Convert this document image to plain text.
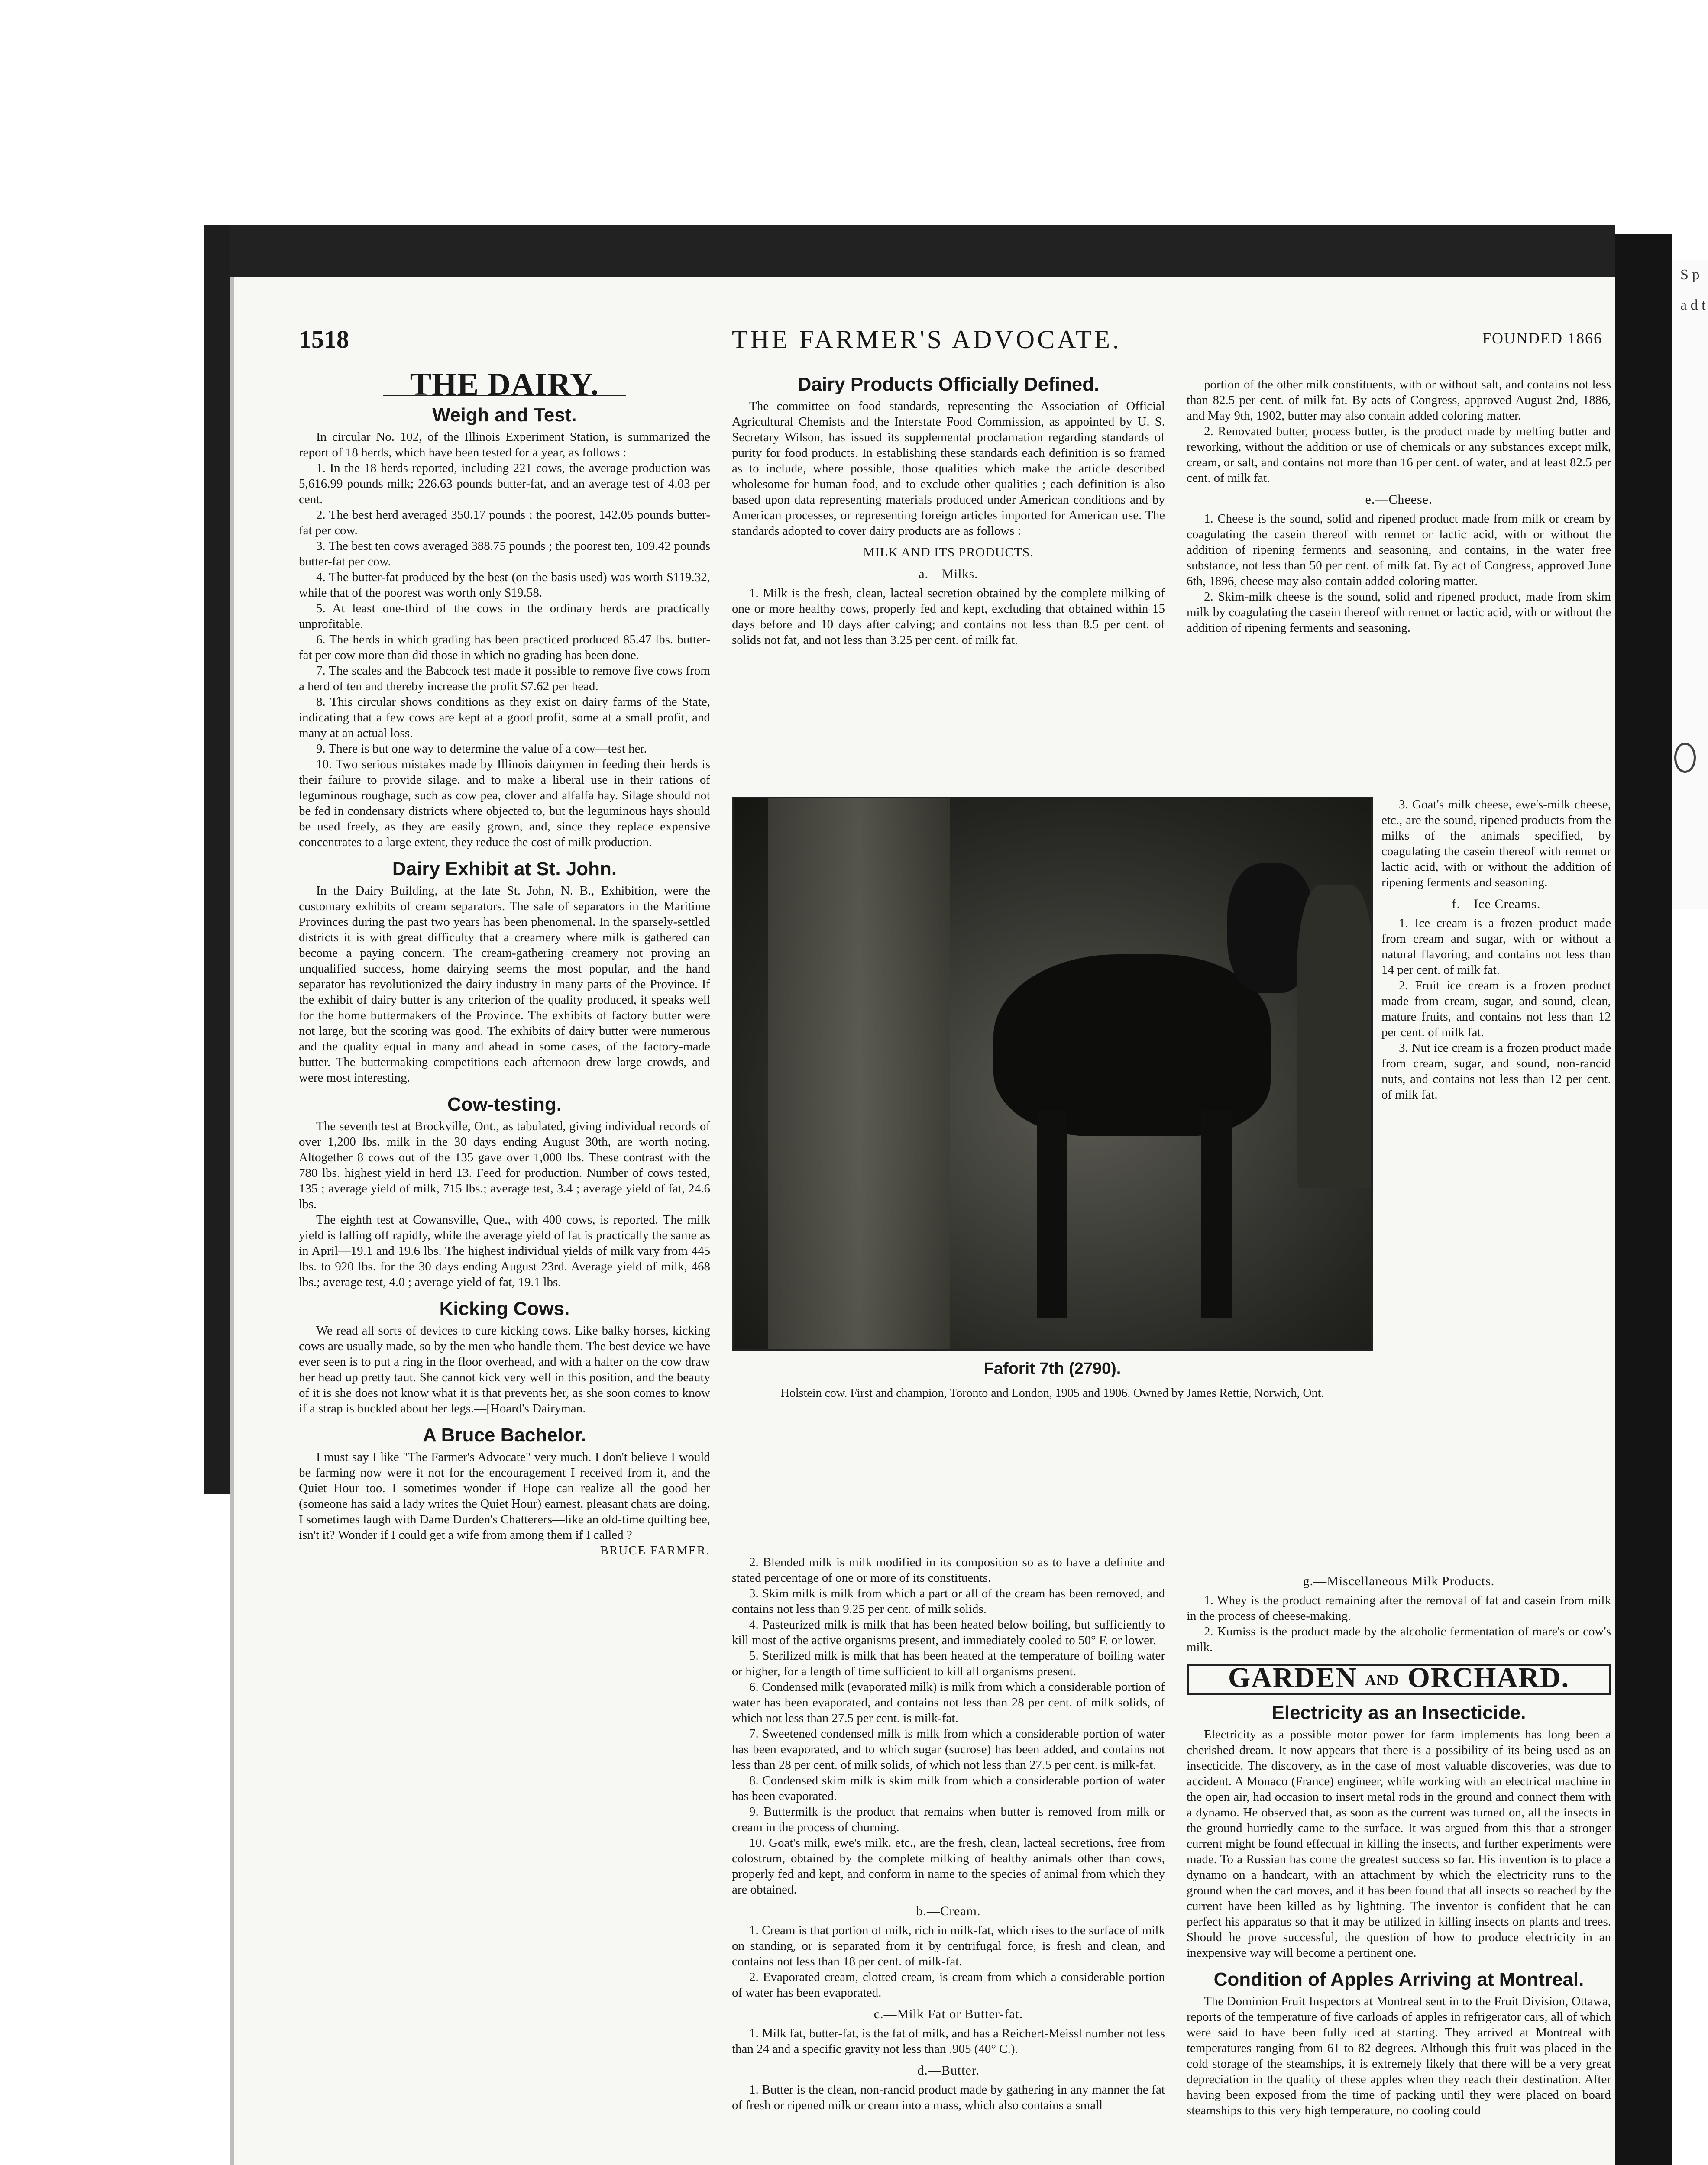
S p a d t
THE FARMER'S ADVOCATE.
1518	FOUNDED 1866
THE DAIRY.
Weigh and Test.

In circular No. 102, of the Illinois Experiment Station, is summarized the report of 18 herds, which have been tested for a year, as follows :

1. In the 18 herds reported, including 221 cows, the average production was 5,616.99 pounds milk; 226.63 pounds butter-fat, and an average test of 4.03 per cent.

2. The best herd averaged 350.17 pounds ; the poorest, 142.05 pounds butter-fat per cow.

3. The best ten cows averaged 388.75 pounds ; the poorest ten, 109.42 pounds butter-fat per cow.

4. The butter-fat produced by the best (on the basis used) was worth $119.32, while that of the poorest was worth only $19.58.

5. At least one-third of the cows in the ordinary herds are practically unprofitable.

6. The herds in which grading has been practiced produced 85.47 lbs. butter-fat per cow more than did those in which no grading has been done.

7. The scales and the Babcock test made it possible to remove five cows from a herd of ten and thereby increase the profit $7.62 per head.

8. This circular shows conditions as they exist on dairy farms of the State, indicating that a few cows are kept at a good profit, some at a small profit, and many at an actual loss.

9. There is but one way to determine the value of a cow—test her.

10. Two serious mistakes made by Illinois dairymen in feeding their herds is their failure to provide silage, and to make a liberal use in their rations of leguminous roughage, such as cow pea, clover and alfalfa hay. Silage should not be fed in condensary districts where objected to, but the leguminous hays should be used freely, as they are easily grown, and, since they replace expensive concentrates to a large extent, they reduce the cost of milk production.

Dairy Exhibit at St. John.

In the Dairy Building, at the late St. John, N. B., Exhibition, were the customary exhibits of cream separators. The sale of separators in the Maritime Provinces during the past two years has been phenomenal. In the sparsely-settled districts it is with great difficulty that a creamery where milk is gathered can become a paying concern. The cream-gathering creamery not proving an unqualified success, home dairying seems the most popular, and the hand separator has revolutionized the dairy industry in many parts of the Province. If the exhibit of dairy butter is any criterion of the quality produced, it speaks well for the home buttermakers of the Province. The exhibits of factory butter were not large, but the scoring was good. The exhibits of dairy butter were numerous and the quality equal in many and ahead in some cases, of the factory-made butter. The buttermaking competitions each afternoon drew large crowds, and were most interesting.

Cow-testing.

The seventh test at Brockville, Ont., as tabulated, giving individual records of over 1,200 lbs. milk in the 30 days ending August 30th, are worth noting. Altogether 8 cows out of the 135 gave over 1,000 lbs. These contrast with the 780 lbs. highest yield in herd 13. Feed for production. Number of cows tested, 135 ; average yield of milk, 715 lbs.; average test, 3.4 ; average yield of fat, 24.6 lbs.

The eighth test at Cowansville, Que., with 400 cows, is reported. The milk yield is falling off rapidly, while the average yield of fat is practically the same as in April—19.1 and 19.6 lbs. The highest individual yields of milk vary from 445 lbs. to 920 lbs. for the 30 days ending August 23rd. Average yield of milk, 468 lbs.; average test, 4.0 ; average yield of fat, 19.1 lbs.

Kicking Cows.

We read all sorts of devices to cure kicking cows. Like balky horses, kicking cows are usually made, so by the men who handle them. The best device we have ever seen is to put a ring in the floor overhead, and with a halter on the cow draw her head up pretty taut. She cannot kick very well in this position, and the beauty of it is she does not know what it is that prevents her, as she soon comes to know if a strap is buckled about her legs.—[Hoard's Dairyman.

A Bruce Bachelor.

I must say I like "The Farmer's Advocate" very much. I don't believe I would be farming now were it not for the encouragement I received from it, and the Quiet Hour too. I sometimes wonder if Hope can realize all the good her (someone has said a lady writes the Quiet Hour) earnest, pleasant chats are doing. I sometimes laugh with Dame Durden's Chatterers—like an old-time quilting bee, isn't it? Wonder if I could get a wife from among them if I called ?

BRUCE FARMER.
Dairy Products Officially Defined.

The committee on food standards, representing the Association of Official Agricultural Chemists and the Interstate Food Commission, as appointed by U. S. Secretary Wilson, has issued its supplemental proclamation regarding standards of purity for food products. In establishing these standards each definition is so framed as to include, where possible, those qualities which make the article described wholesome for human food, and to exclude other qualities ; each definition is also based upon data representing materials produced under American conditions and by American processes, or representing foreign articles imported for American use. The standards adopted to cover dairy products are as follows :

MILK AND ITS PRODUCTS.
a.—Milks.

1. Milk is the fresh, clean, lacteal secretion obtained by the complete milking of one or more healthy cows, properly fed and kept, excluding that obtained within 15 days before and 10 days after calving; and contains not less than 8.5 per cent. of solids not fat, and not less than 3.25 per cent. of milk fat.

Faforit 7th (2790).
Holstein cow. First and champion, Toronto and London, 1905 and 1906. Owned by James Rettie, Norwich, Ont.

2. Blended milk is milk modified in its composition so as to have a definite and stated percentage of one or more of its constituents.

3. Skim milk is milk from which a part or all of the cream has been removed, and contains not less than 9.25 per cent. of milk solids.

4. Pasteurized milk is milk that has been heated below boiling, but sufficiently to kill most of the active organisms present, and immediately cooled to 50° F. or lower.

5. Sterilized milk is milk that has been heated at the temperature of boiling water or higher, for a length of time sufficient to kill all organisms present.

6. Condensed milk (evaporated milk) is milk from which a considerable portion of water has been evaporated, and contains not less than 28 per cent. of milk solids, of which not less than 27.5 per cent. is milk-fat.

7. Sweetened condensed milk is milk from which a considerable portion of water has been evaporated, and to which sugar (sucrose) has been added, and contains not less than 28 per cent. of milk solids, of which not less than 27.5 per cent. is milk-fat.

8. Condensed skim milk is skim milk from which a considerable portion of water has been evaporated.

9. Buttermilk is the product that remains when butter is removed from milk or cream in the process of churning.

10. Goat's milk, ewe's milk, etc., are the fresh, clean, lacteal secretions, free from colostrum, obtained by the complete milking of healthy animals other than cows, properly fed and kept, and conform in name to the species of animal from which they are obtained.

b.—Cream.

1. Cream is that portion of milk, rich in milk-fat, which rises to the surface of milk on standing, or is separated from it by centrifugal force, is fresh and clean, and contains not less than 18 per cent. of milk-fat.

2. Evaporated cream, clotted cream, is cream from which a considerable portion of water has been evaporated.

c.—Milk Fat or Butter-fat.

1. Milk fat, butter-fat, is the fat of milk, and has a Reichert-Meissl number not less than 24 and a specific gravity not less than .905 (40° C.).

d.—Butter.

1. Butter is the clean, non-rancid product made by gathering in any manner the fat of fresh or ripened milk or cream into a mass, which also contains a small

portion of the other milk constituents, with or without salt, and contains not less than 82.5 per cent. of milk fat. By acts of Congress, approved August 2nd, 1886, and May 9th, 1902, butter may also contain added coloring matter.

2. Renovated butter, process butter, is the product made by melting butter and reworking, without the addition or use of chemicals or any substances except milk, cream, or salt, and contains not more than 16 per cent. of water, and at least 82.5 per cent. of milk fat.

e.—Cheese.

1. Cheese is the sound, solid and ripened product made from milk or cream by coagulating the casein thereof with rennet or lactic acid, with or without the addition of ripening ferments and seasoning, and contains, in the water free substance, not less than 50 per cent. of milk fat. By act of Congress, approved June 6th, 1896, cheese may also contain added coloring matter.

2. Skim-milk cheese is the sound, solid and ripened product, made from skim milk by coagulating the casein thereof with rennet or lactic acid, with or without the addition of ripening ferments and seasoning.

3. Goat's milk cheese, ewe's-milk cheese, etc., are the sound, ripened products from the milks of the animals specified, by coagulating the casein thereof with rennet or lactic acid, with or without the addition of ripening ferments and seasoning.

f.—Ice Creams.

1. Ice cream is a frozen product made from cream and sugar, with or without a natural flavoring, and contains not less than 14 per cent. of milk fat.

2. Fruit ice cream is a frozen product made from cream, sugar, and sound, clean, mature fruits, and contains not less than 12 per cent. of milk fat.

3. Nut ice cream is a frozen product made from cream, sugar, and sound, non-rancid nuts, and contains not less than 12 per cent. of milk fat.

g.—Miscellaneous Milk Products.

1. Whey is the product remaining after the removal of fat and casein from milk in the process of cheese-making.

2. Kumiss is the product made by the alcoholic fermentation of mare's or cow's milk.

GARDEN AND ORCHARD.
Electricity as an Insecticide.

Electricity as a possible motor power for farm implements has long been a cherished dream. It now appears that there is a possibility of its being used as an insecticide. The discovery, as in the case of most valuable discoveries, was due to accident. A Monaco (France) engineer, while working with an electrical machine in the open air, had occasion to insert metal rods in the ground and connect them with a dynamo. He observed that, as soon as the current was turned on, all the insects in the ground hurriedly came to the surface. It was argued from this that a stronger current might be found effectual in killing the insects, and further experiments were made. To a Russian has come the greatest success so far. His invention is to place a dynamo on a handcart, with an attachment by which the electricity runs to the ground when the cart moves, and it has been found that all insects so reached by the current have been killed as by lightning. The inventor is confident that he can perfect his apparatus so that it may be utilized in killing insects on plants and trees. Should he prove successful, the question of how to produce electricity in an inexpensive way will become a pertinent one.

Condition of Apples Arriving at Montreal.

The Dominion Fruit Inspectors at Montreal sent in to the Fruit Division, Ottawa, reports of the temperature of five carloads of apples in refrigerator cars, all of which were said to have been fully iced at starting. They arrived at Montreal with temperatures ranging from 61 to 82 degrees. Although this fruit was placed in the cold storage of the steamships, it is extremely likely that there will be a very great depreciation in the quality of these apples when they reach their destination. After having been exposed from the time of packing until they were placed on board steamships to this very high temperature, no cooling could
